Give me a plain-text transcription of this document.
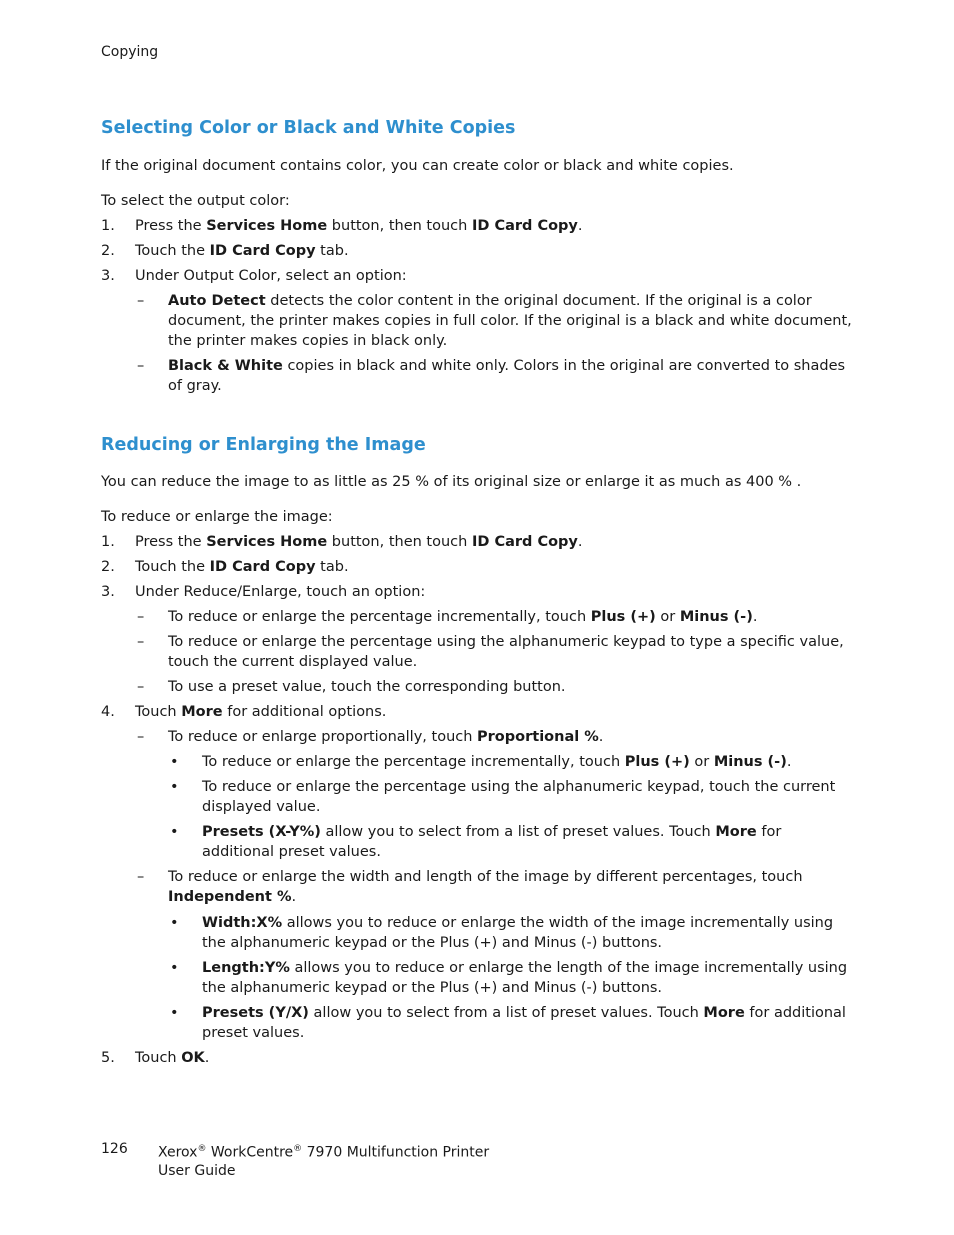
Copying
Selecting Color or Black and White Copies

If the original document contains color, you can create color or black and white copies.

To select the output color:

1. Press the Services Home button, then touch ID Card Copy.
2. Touch the ID Card Copy tab.
3. Under Output Color, select an option:
– Auto Detect detects the color content in the original document. If the original is a color document, the printer makes copies in full color. If the original is a black and white document, the printer makes copies in black only.
– Black & White copies in black and white only. Colors in the original are converted to shades of gray.
Reducing or Enlarging the Image

You can reduce the image to as little as 25 % of its original size or enlarge it as much as 400 % .

To reduce or enlarge the image:

1. Press the Services Home button, then touch ID Card Copy.
2. Touch the ID Card Copy tab.
3. Under Reduce/Enlarge, touch an option:
– To reduce or enlarge the percentage incrementally, touch Plus (+) or Minus (-).
– To reduce or enlarge the percentage using the alphanumeric keypad to type a specific value, touch the current displayed value.
– To use a preset value, touch the corresponding button.
4. Touch More for additional options.
– To reduce or enlarge proportionally, touch Proportional %.
• To reduce or enlarge the percentage incrementally, touch Plus (+) or Minus (-).
• To reduce or enlarge the percentage using the alphanumeric keypad, touch the current displayed value.
• Presets (X-Y%) allow you to select from a list of preset values. Touch More for additional preset values.
– To reduce or enlarge the width and length of the image by different percentages, touch Independent %.
• Width:X% allows you to reduce or enlarge the width of the image incrementally using the alphanumeric keypad or the Plus (+) and Minus (-) buttons.
• Length:Y% allows you to reduce or enlarge the length of the image incrementally using the alphanumeric keypad or the Plus (+) and Minus (-) buttons.
• Presets (Y/X) allow you to select from a list of preset values. Touch More for additional preset values.
5. Touch OK.
126 Xerox® WorkCentre® 7970 Multifunction Printer
User Guide
